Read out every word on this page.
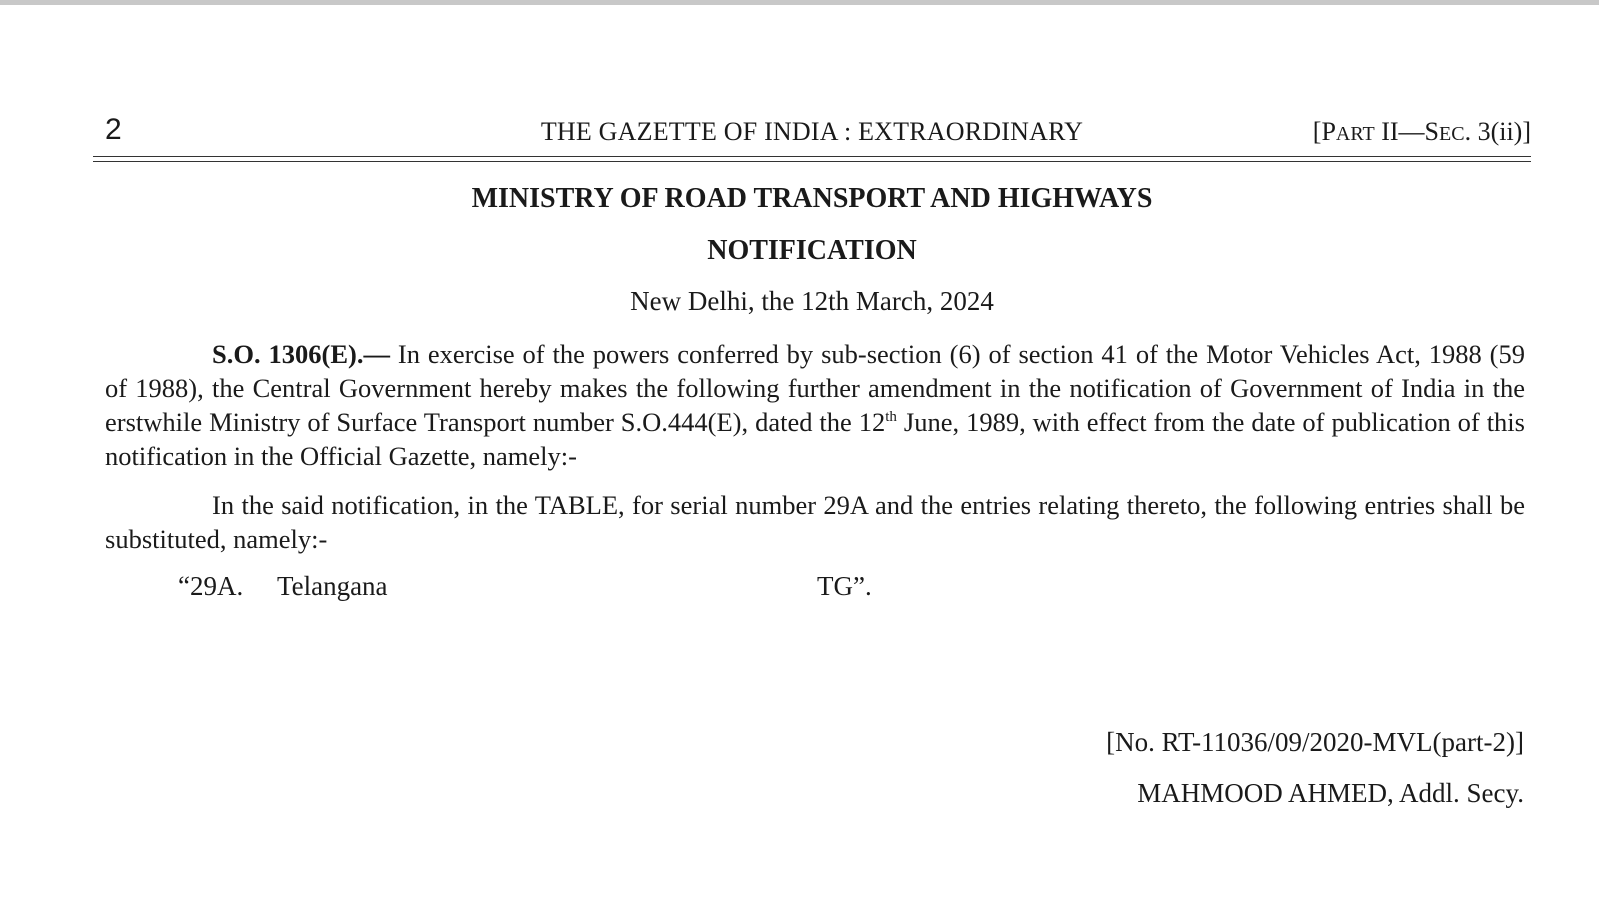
2	THE GAZETTE OF INDIA : EXTRAORDINARY	[PART II—SEC. 3(ii)]
MINISTRY OF ROAD TRANSPORT AND HIGHWAYS
NOTIFICATION
New Delhi, the 12th March, 2024

S.O. 1306(E).— In exercise of the powers conferred by sub-section (6) of section 41 of the Motor Vehicles Act, 1988 (59 of 1988), the Central Government hereby makes the following further amendment in the notification of Government of India in the erstwhile Ministry of Surface Transport number S.O.444(E), dated the 12th June, 1989, with effect from the date of publication of this notification in the Official Gazette, namely:-

In the said notification, in the TABLE, for serial number 29A and the entries relating thereto, the following entries shall be substituted, namely:-

“29A. Telangana	TG”.
[No. RT-11036/09/2020-MVL(part-2)]
MAHMOOD AHMED, Addl. Secy.
